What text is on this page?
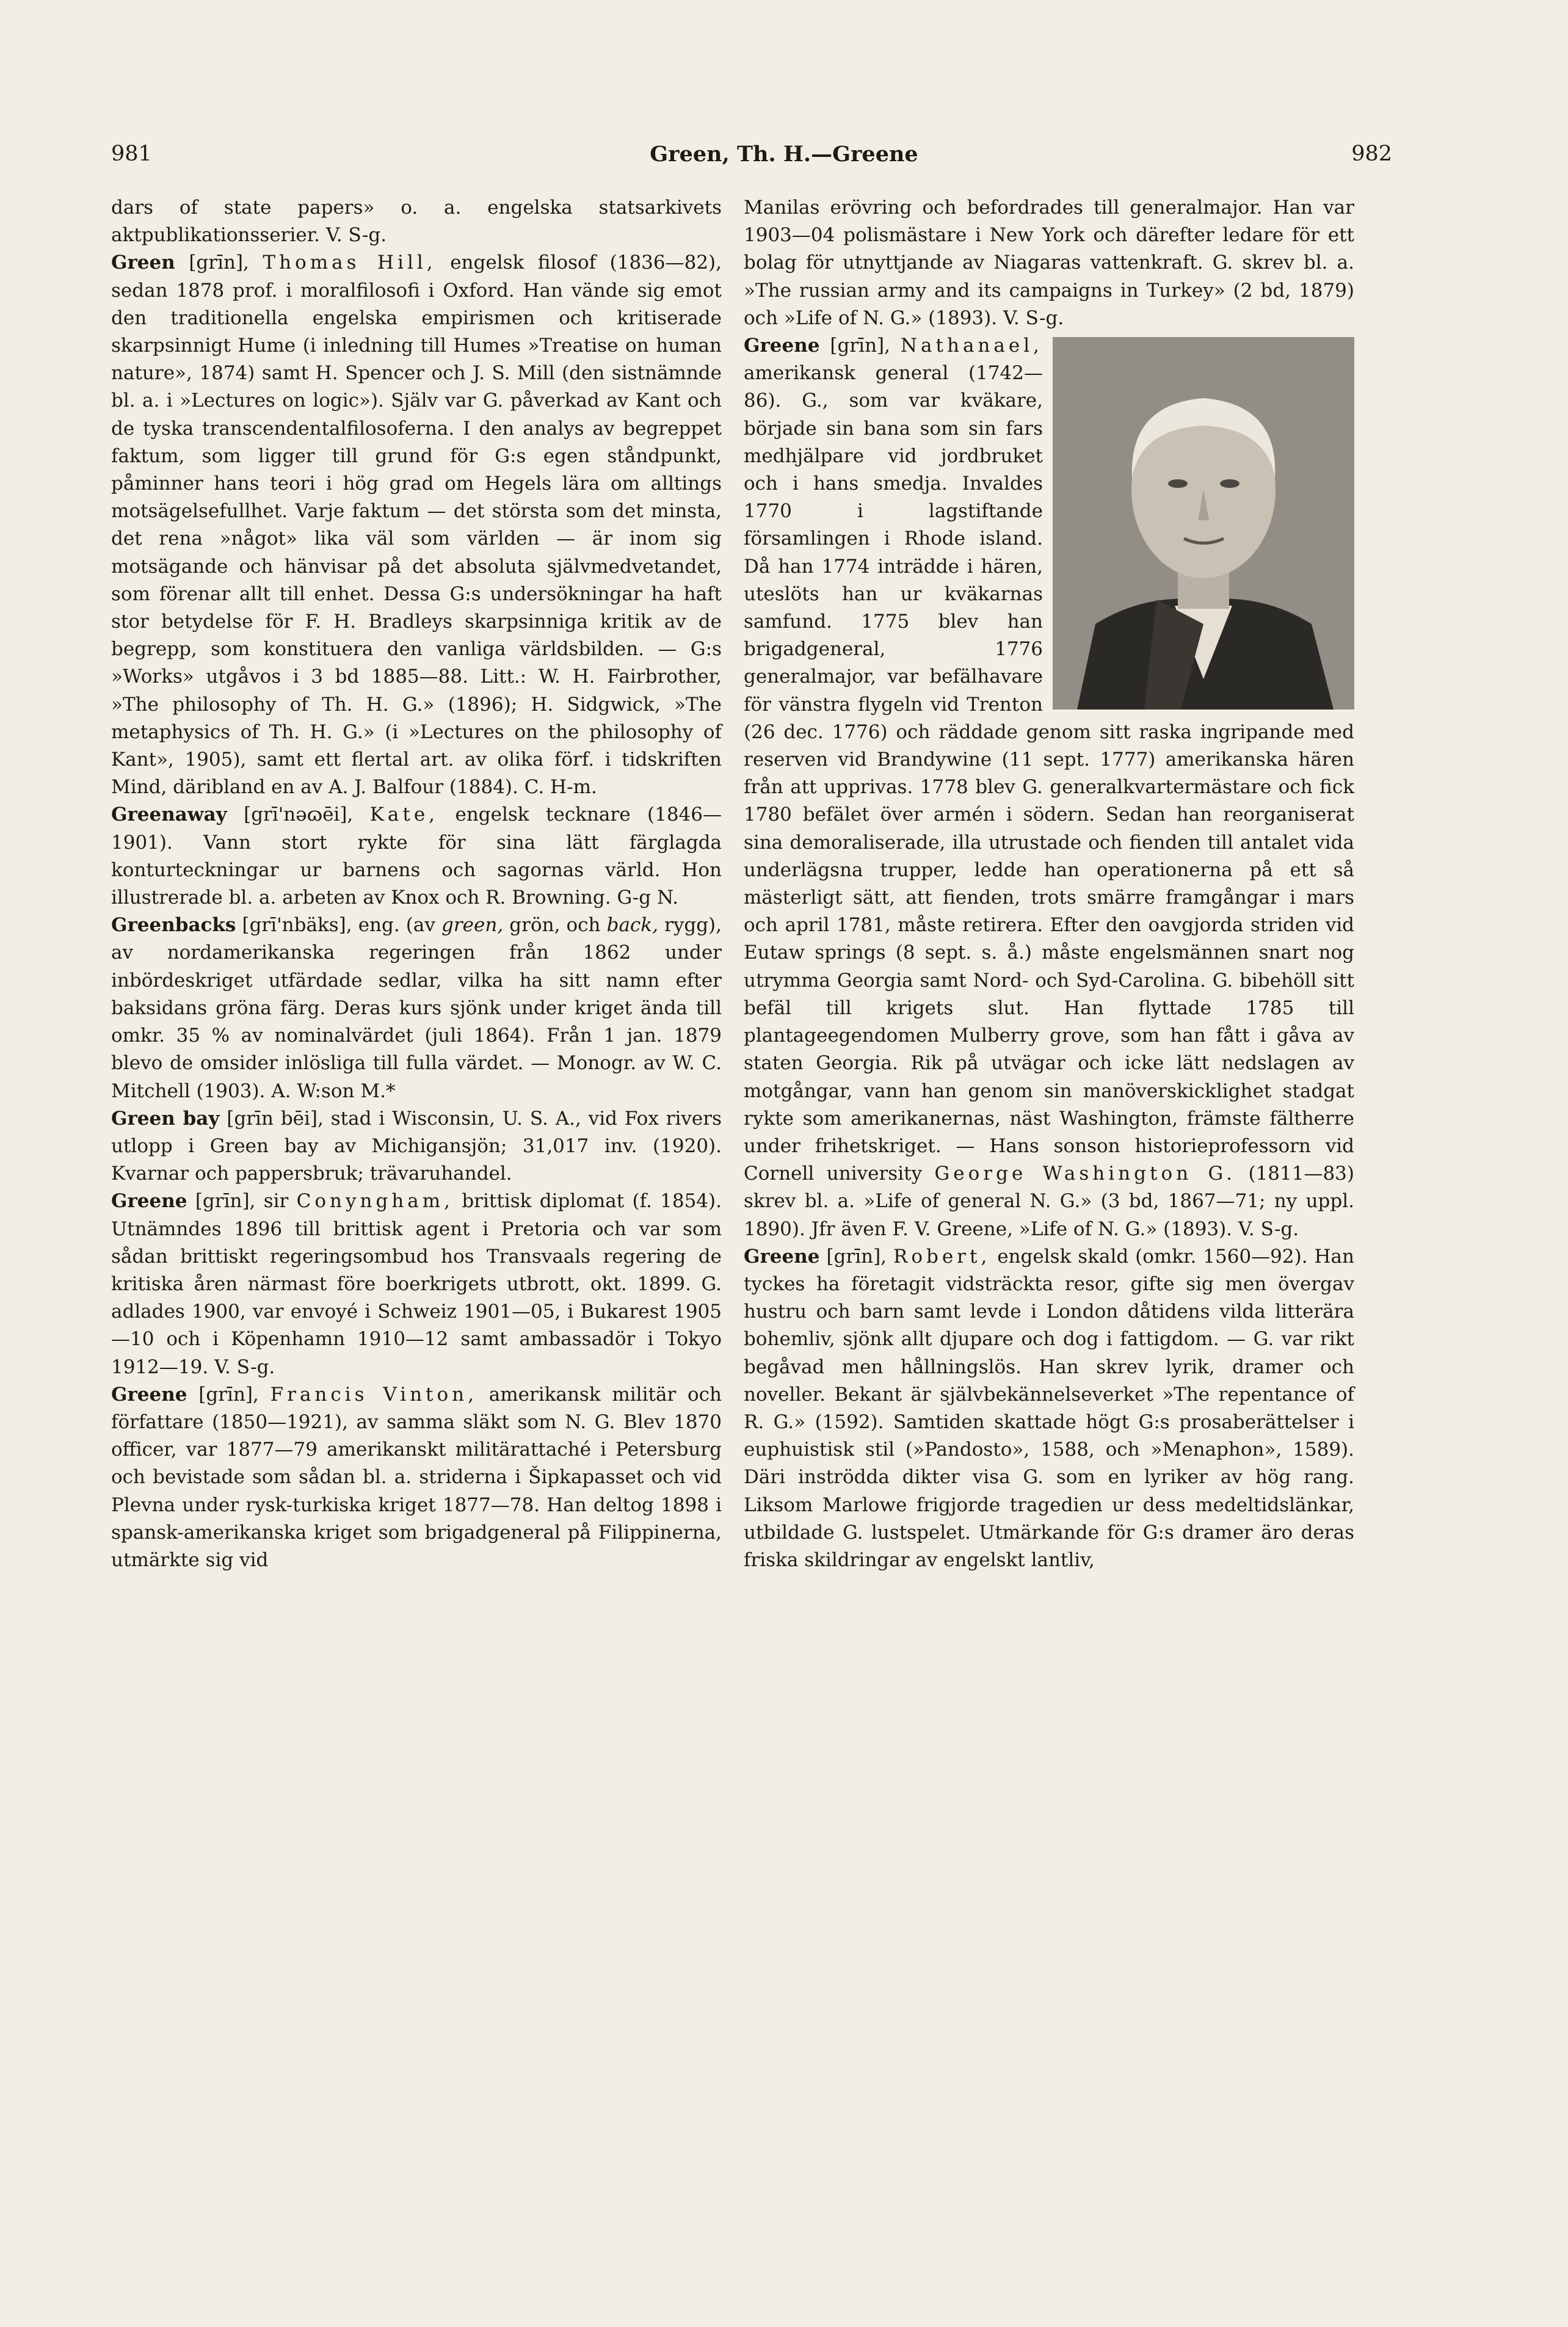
981	Green, Th. H.—Greene	982

dars of state papers» o. a. engelska statsarkivets aktpublikationsserier. V. S-g.

Green [grīn], Thomas Hill, engelsk filosof (1836—82), sedan 1878 prof. i moralfilosofi i Oxford. Han vände sig emot den traditionella engelska empirismen och kritiserade skarpsinnigt Hume (i inledning till Humes »Treatise on human nature», 1874) samt H. Spencer och J. S. Mill (den sistnämnde bl. a. i »Lectures on logic»). Själv var G. påverkad av Kant och de tyska transcendentalfilosoferna. I den analys av begreppet faktum, som ligger till grund för G:s egen ståndpunkt, påminner hans teori i hög grad om Hegels lära om alltings motsägelsefullhet. Varje faktum — det största som det minsta, det rena »något» lika väl som världen — är inom sig motsägande och hänvisar på det absoluta självmedvetandet, som förenar allt till enhet. Dessa G:s undersökningar ha haft stor betydelse för F. H. Bradleys skarpsinniga kritik av de begrepp, som konstituera den vanliga världsbilden. — G:s »Works» utgåvos i 3 bd 1885—88. Litt.: W. H. Fairbrother, »The philosophy of Th. H. G.» (1896); H. Sidgwick, »The metaphysics of Th. H. G.» (i »Lectures on the philosophy of Kant», 1905), samt ett flertal art. av olika förf. i tidskriften Mind, däribland en av A. J. Balfour (1884). C. H-m.

Greenaway [grī'nəɷēi], Kate, engelsk tecknare (1846—1901). Vann stort rykte för sina lätt färglagda konturteckningar ur barnens och sagornas värld. Hon illustrerade bl. a. arbeten av Knox och R. Browning. G-g N.

Greenbacks [grī'nbäks], eng. (av green, grön, och back, rygg), av nordamerikanska regeringen från 1862 under inbördeskriget utfärdade sedlar, vilka ha sitt namn efter baksidans gröna färg. Deras kurs sjönk under kriget ända till omkr. 35 % av nominalvärdet (juli 1864). Från 1 jan. 1879 blevo de omsider inlösliga till fulla värdet. — Monogr. av W. C. Mitchell (1903). A. W:son M.*

Green bay [grīn bēi], stad i Wisconsin, U. S. A., vid Fox rivers utlopp i Green bay av Michigansjön; 31,017 inv. (1920). Kvarnar och pappersbruk; trävaruhandel.

Greene [grīn], sir Conyngham, brittisk diplomat (f. 1854). Utnämndes 1896 till brittisk agent i Pretoria och var som sådan brittiskt regeringsombud hos Transvaals regering de kritiska åren närmast före boerkrigets utbrott, okt. 1899. G. adlades 1900, var envoyé i Schweiz 1901—05, i Bukarest 1905—10 och i Köpenhamn 1910—12 samt ambassadör i Tokyo 1912—19. V. S-g.

Greene [grīn], Francis Vinton, amerikansk militär och författare (1850—1921), av samma släkt som N. G. Blev 1870 officer, var 1877—79 amerikanskt militärattaché i Petersburg och bevistade som sådan bl. a. striderna i Šipkapasset och vid Plevna under rysk-turkiska kriget 1877—78. Han deltog 1898 i spansk-amerikanska kriget som brigadgeneral på Filippinerna, utmärkte sig vid

Manilas erövring och befordrades till generalmajor. Han var 1903—04 polismästare i New York och därefter ledare för ett bolag för utnyttjande av Niagaras vattenkraft. G. skrev bl. a. »The russian army and its campaigns in Turkey» (2 bd, 1879) och »Life of N. G.» (1893). V. S-g.

Greene [grīn], Nathanael,
amerikansk general (1742—86). G., som var kväkare, började sin bana som sin fars medhjälpare vid jordbruket och i hans smedja. Invaldes 1770 i lagstiftande församlingen i Rhode island. Då han 1774 inträdde i hären, uteslöts han ur kväkarnas samfund. 1775 blev han brigadgeneral, 1776 generalmajor, var befälhavare för vänstra flygeln vid Trenton (26 dec. 1776) och räddade genom sitt raska ingripande med reserven vid Brandywine (11 sept. 1777) amerikanska hären från att upprivas. 1778 blev G. generalkvartermästare och fick 1780 befälet över armén i södern. Sedan han reorganiserat sina demoraliserade, illa utrustade och fienden till antalet vida underlägsna trupper, ledde han operationerna på ett så mästerligt sätt, att fienden, trots smärre framgångar i mars och april 1781, måste retirera. Efter den oavgjorda striden vid Eutaw springs (8 sept. s. å.) måste engelsmännen snart nog utrymma Georgia samt Nord- och Syd-Carolina. G. bibehöll sitt befäl till krigets slut. Han flyttade 1785 till plantageegendomen Mulberry grove, som han fått i gåva av staten Georgia. Rik på utvägar och icke lätt nedslagen av motgångar, vann han genom sin manöverskicklighet stadgat rykte som amerikanernas, näst Washington, främste fältherre under frihetskriget. — Hans sonson historieprofessorn vid Cornell university George Washington G. (1811—83) skrev bl. a. »Life of general N. G.» (3 bd, 1867—71; ny uppl. 1890). Jfr även F. V. Greene, »Life of N. G.» (1893). V. S-g.

Greene [grīn], Robert, engelsk skald (omkr. 1560—92). Han tyckes ha företagit vidsträckta resor, gifte sig men övergav hustru och barn samt levde i London dåtidens vilda litterära bohemliv, sjönk allt djupare och dog i fattigdom. — G. var rikt begåvad men hållningslös. Han skrev lyrik, dramer och noveller. Bekant är självbekännelseverket »The repentance of R. G.» (1592). Samtiden skattade högt G:s prosaberättelser i euphuistisk stil (»Pandosto», 1588, och »Menaphon», 1589). Däri inströdda dikter visa G. som en lyriker av hög rang. Liksom Marlowe frigjorde tragedien ur dess medeltidslänkar, utbildade G. lustspelet. Utmärkande för G:s dramer äro deras friska skildringar av engelskt lantliv,
